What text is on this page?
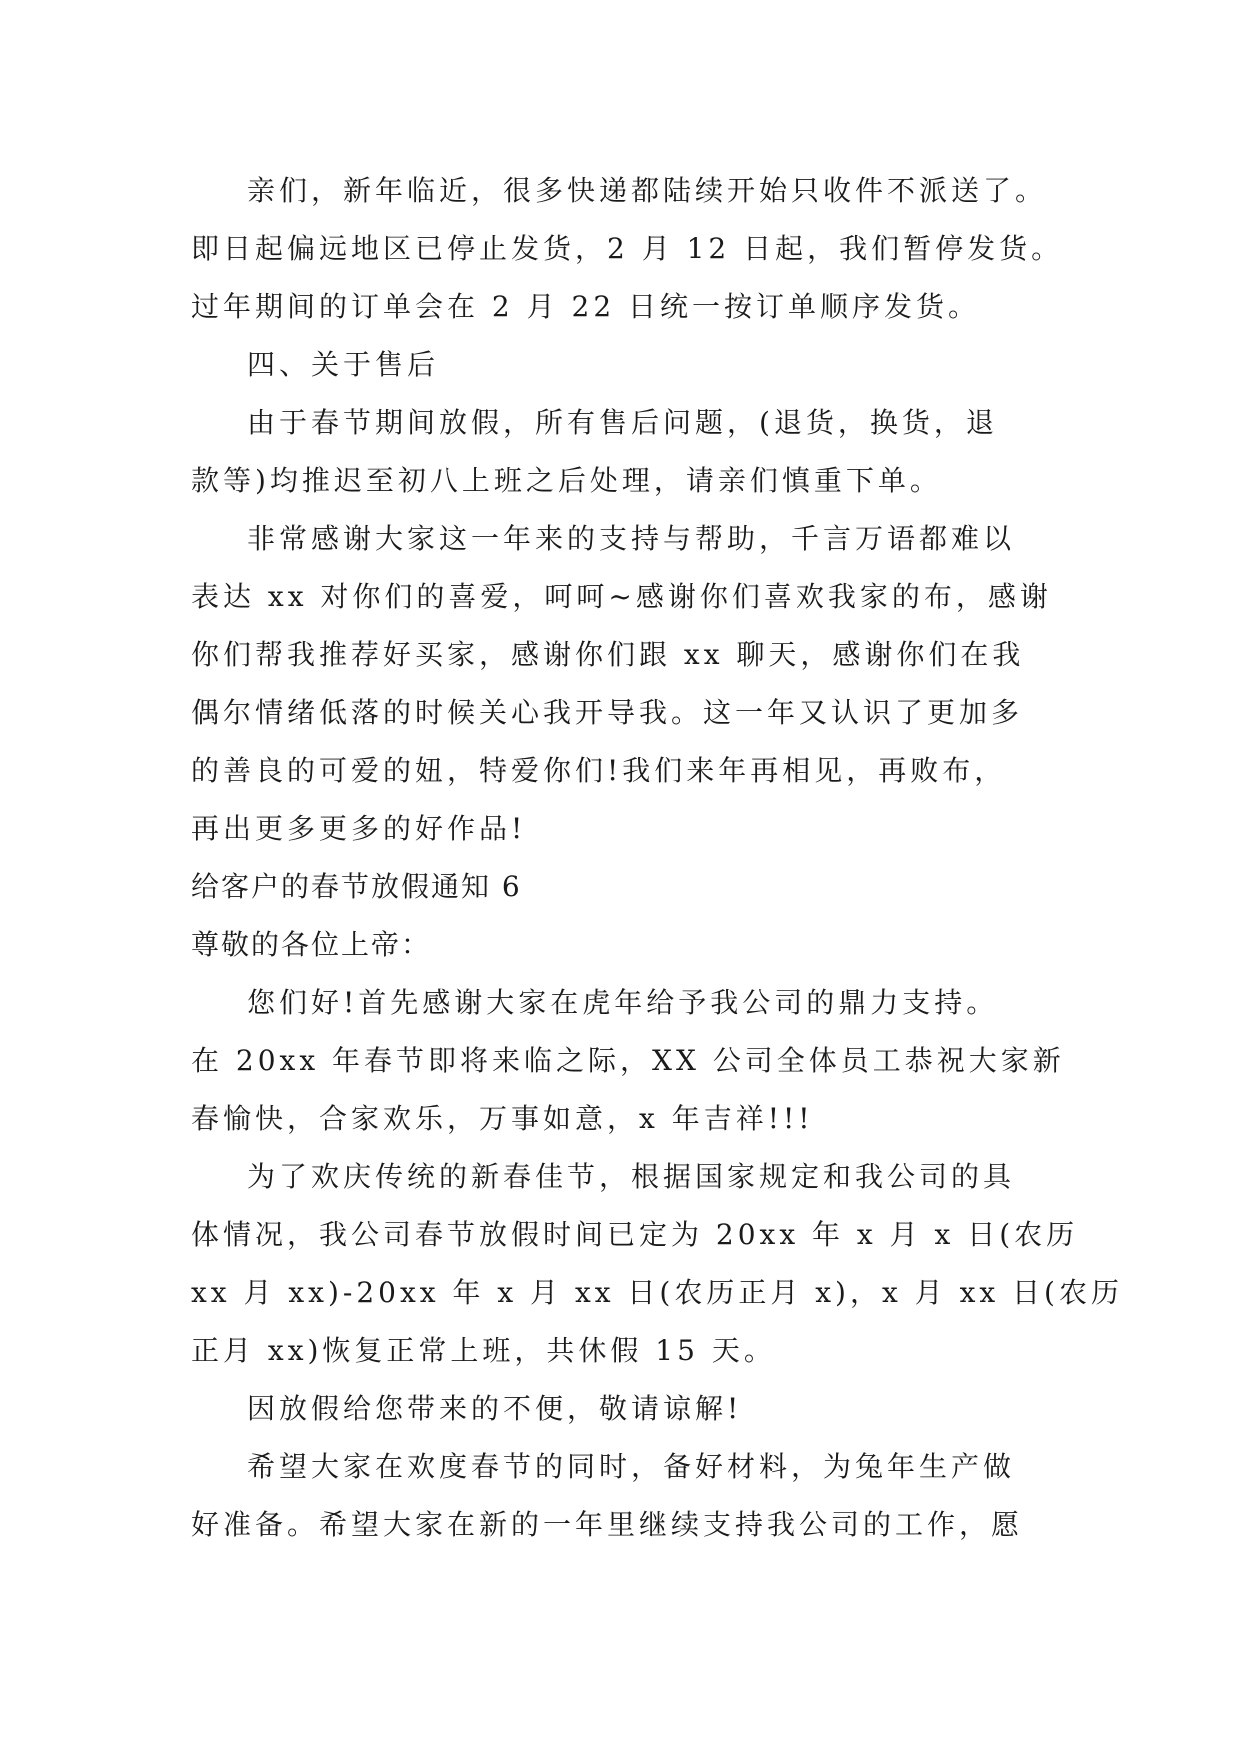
亲们，新年临近，很多快递都陆续开始只收件不派送了。
即日起偏远地区已停止发货，2 月 12 日起，我们暂停发货。
过年期间的订单会在 2 月 22 日统一按订单顺序发货。
四、关于售后
由于春节期间放假，所有售后问题，(退货，换货，退
款等)均推迟至初八上班之后处理，请亲们慎重下单。
非常感谢大家这一年来的支持与帮助，千言万语都难以
表达 xx 对你们的喜爱，呵呵~感谢你们喜欢我家的布，感谢
你们帮我推荐好买家，感谢你们跟 xx 聊天，感谢你们在我
偶尔情绪低落的时候关心我开导我。这一年又认识了更加多
的善良的可爱的妞，特爱你们!我们来年再相见，再败布，
再出更多更多的好作品!
给客户的春节放假通知 6
尊敬的各位上帝：
您们好!首先感谢大家在虎年给予我公司的鼎力支持。
在 20xx 年春节即将来临之际，XX 公司全体员工恭祝大家新
春愉快，合家欢乐，万事如意，x 年吉祥!!!
为了欢庆传统的新春佳节，根据国家规定和我公司的具
体情况，我公司春节放假时间已定为 20xx 年 x 月 x 日(农历
xx 月 xx)-20xx 年 x 月 xx 日(农历正月 x)，x 月 xx 日(农历
正月 xx)恢复正常上班，共休假 15 天。
因放假给您带来的不便，敬请谅解!
希望大家在欢度春节的同时，备好材料，为兔年生产做
好准备。希望大家在新的一年里继续支持我公司的工作，愿
